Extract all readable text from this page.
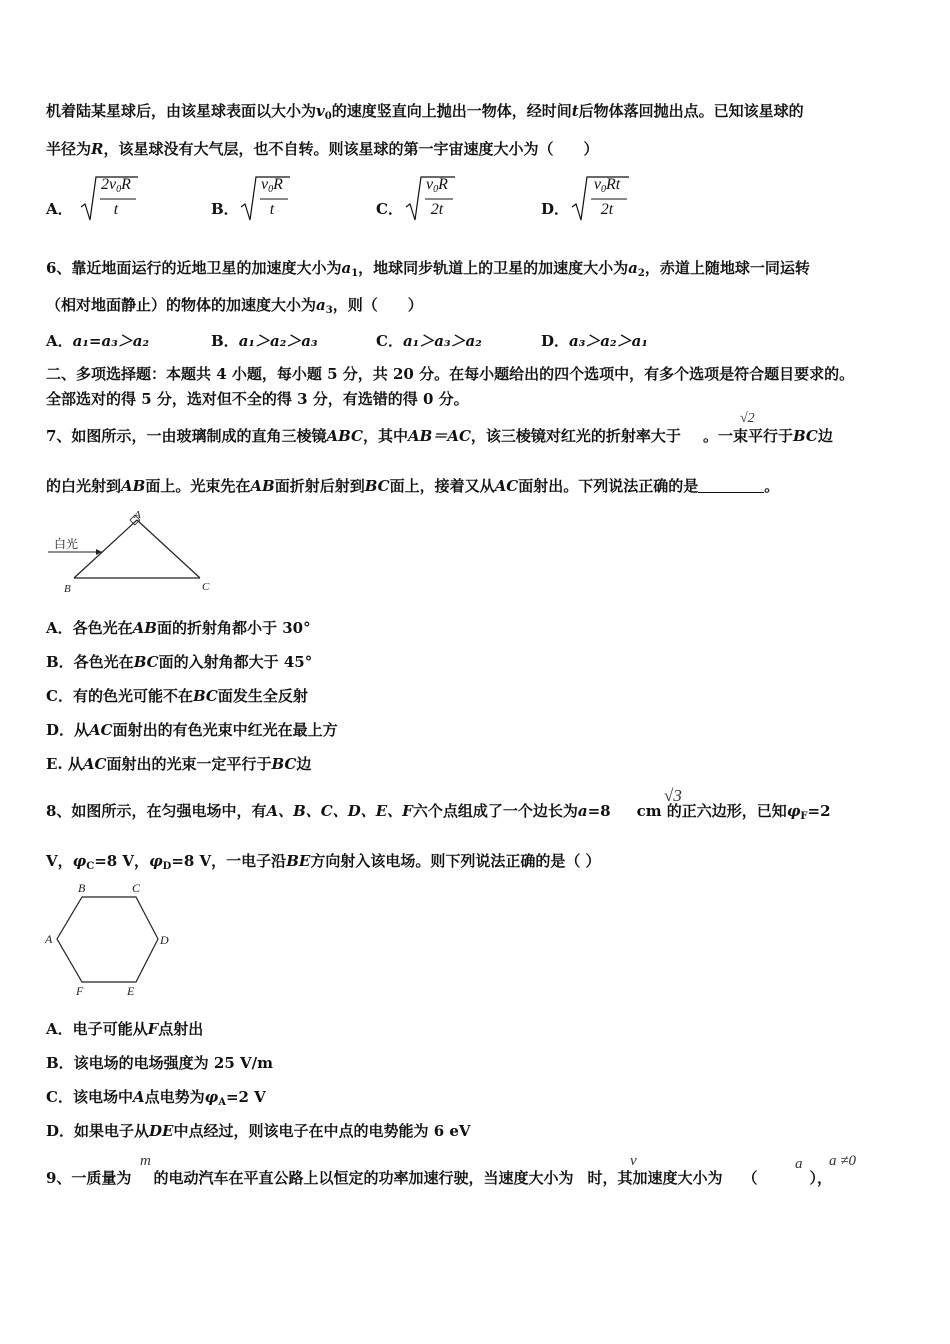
机着陆某星球后，由该星球表面以大小为$v_0$的速度竖直向上抛出一物体，经时间t后物体落回抛出点。已知该星球的
半径为R，该星球没有大气层，也不自转。则该星球的第一宇宙速度大小为（　　）
A．
$2v_0R$
t	B．
$v_0R$
t	C．
$v_0R$
2t	D．
$v_0Rt$
2t
6、靠近地面运行的近地卫星的加速度大小为$a_1$，地球同步轨道上的卫星的加速度大小为$a_2$，赤道上随地球一同运转
（相对地面静止）的物体的加速度大小为$a_3$，则（　　）
A．a₁=a₃＞a₂	B．a₁＞a₂＞a₃	C．a₁＞a₃＞a₂	D．a₃＞a₂＞a₁
二、多项选择题：本题共 4 小题，每小题 5 分，共 20 分。在每小题给出的四个选项中，有多个选项是符合题目要求的。
全部选对的得 5 分，选对但不全的得 3 分，有选错的得 0 分。
7、如图所示，一由玻璃制成的直角三棱镜ABC，其中AB＝AC，该三棱镜对红光的折射率大于 。一束平行于BC边
√2
的白光射到AB面上。光束先在AB面折射后射到BC面上，接着又从AC面射出。下列说法正确的是	。
A
B	C
白光
A．各色光在AB面的折射角都小于 30°
B．各色光在BC面的入射角都大于 45°
C．有的色光可能不在BC面发生全反射
D．从AC面射出的有色光束中红光在最上方
E. 从AC面射出的光束一定平行于BC边
8、如图所示，在匀强电场中，有A、B、C、D、E、F六个点组成了一个边长为a=8 cm 的正六边形，已知$\varphi_F=2$
√3
V，$\varphi_C=8$ V，$\varphi_D=8$ V，一电子沿BE方向射入该电场。则下列说法正确的是（ ）
B	C
A	D
F	E
A．电子可能从F点射出
B．该电场的电场强度为 25 V/m
C．该电场中A点电势为$\varphi_A=2$ V
D．如果电子从DE中点经过，则该电子在中点的电势能为 6 eV
9、一质量为 的电动汽车在平直公路上以恒定的功率加速行驶，当速度大小为 时，其加速度大小为 （	），
m	v	a a ≠0
